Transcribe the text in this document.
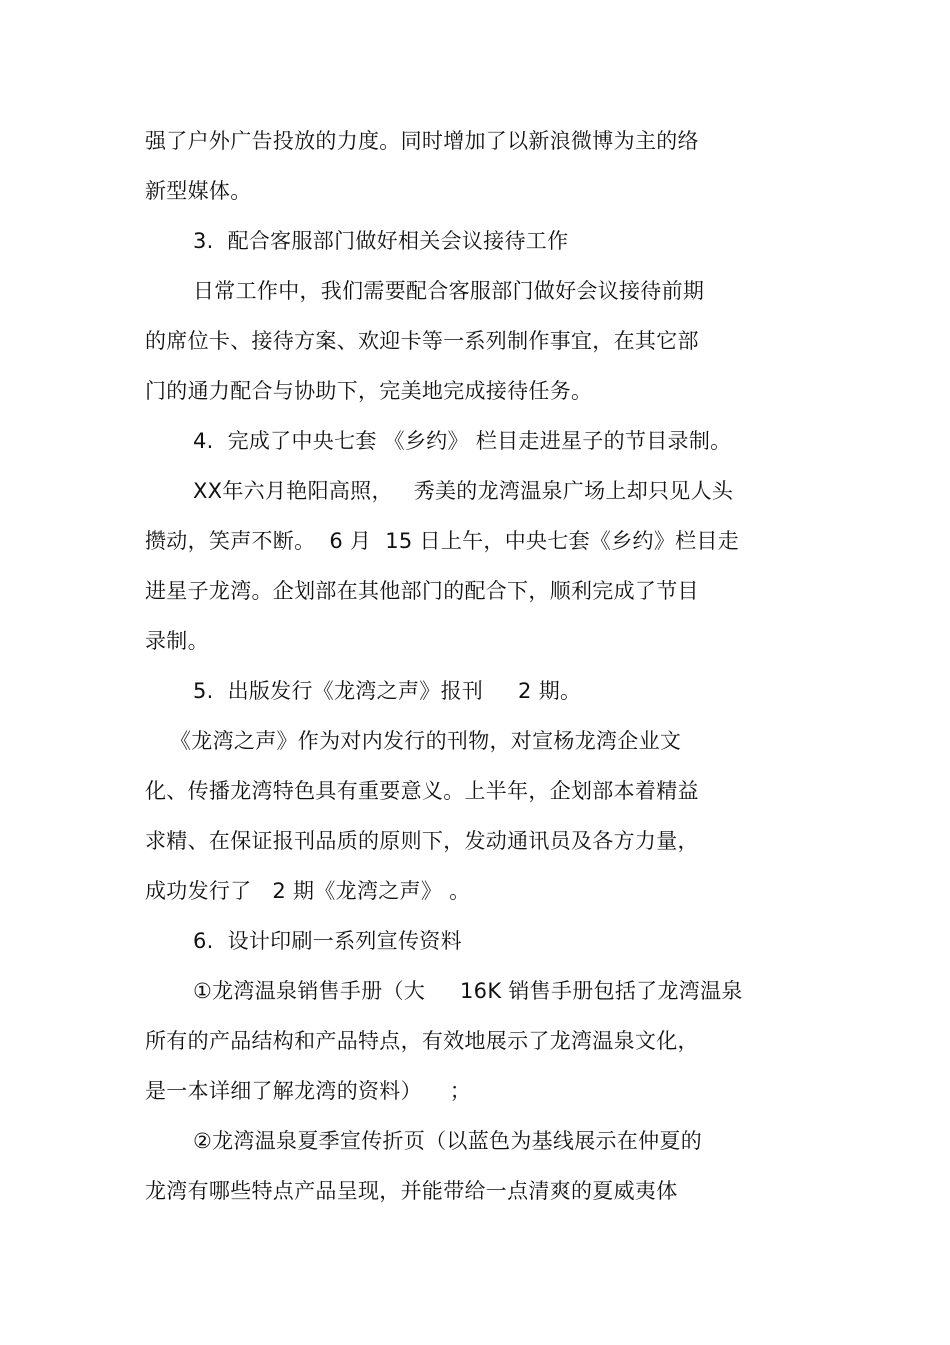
强了户外广告投放的力度。同时增加了以新浪微博为主的络
新型媒体。
3.  配合客服部门做好相关会议接待工作
日常工作中，我们需要配合客服部门做好会议接待前期
的席位卡、接待方案、欢迎卡等一系列制作事宜，在其它部
门的通力配合与协助下，完美地完成接待任务。
4.  完成了中央七套 《乡约》 栏目走进星子的节目录制。
XX年六月艳阳高照，   秀美的龙湾温泉广场上却只见人头
攒动，笑声不断。  6 月  15 日上午，中央七套《乡约》栏目走
进星子龙湾。企划部在其他部门的配合下，顺利完成了节目
录制。
5.  出版发行《龙湾之声》报刊     2 期。
《龙湾之声》作为对内发行的刊物，对宣杨龙湾企业文
化、传播龙湾特色具有重要意义。上半年，企划部本着精益
求精、在保证报刊品质的原则下，发动通讯员及各方力量，
成功发行了   2 期《龙湾之声》 。
6.  设计印刷一系列宣传资料
①龙湾温泉销售手册（大     16K 销售手册包括了龙湾温泉
所有的产品结构和产品特点，有效地展示了龙湾温泉文化，
是一本详细了解龙湾的资料）    ；
②龙湾温泉夏季宣传折页（以蓝色为基线展示在仲夏的
龙湾有哪些特点产品呈现，并能带给一点清爽的夏威夷体
